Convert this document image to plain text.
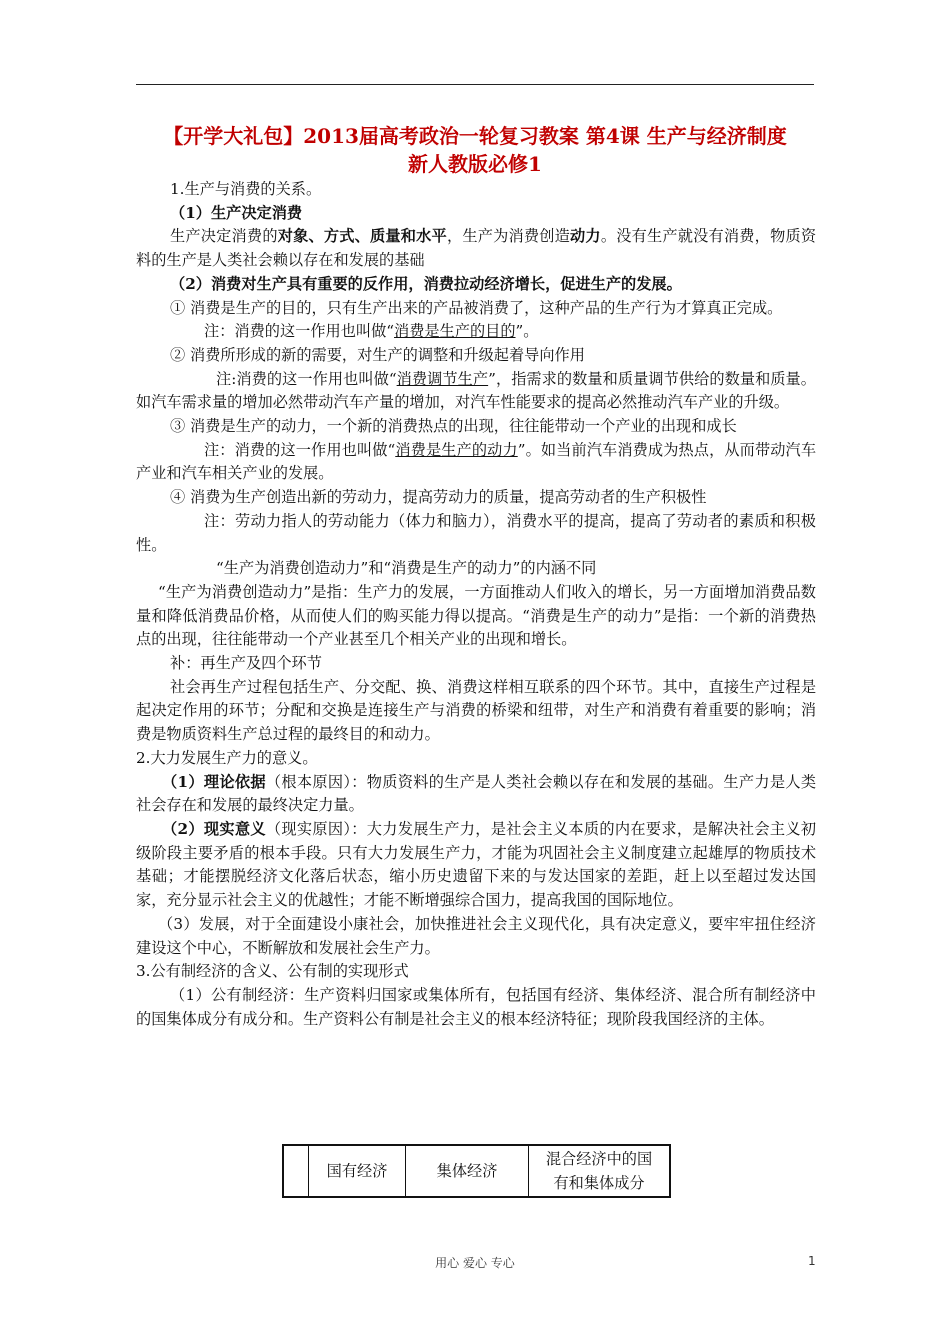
【开学大礼包】2013届高考政治一轮复习教案 第4课 生产与经济制度
新人教版必修1

1.生产与消费的关系。

（1）生产决定消费

生产决定消费的对象、方式、质量和水平，生产为消费创造动力。没有生产就没有消费，物质资料的生产是人类社会赖以存在和发展的基础

（2）消费对生产具有重要的反作用，消费拉动经济增长，促进生产的发展。

① 消费是生产的目的，只有生产出来的产品被消费了，这种产品的生产行为才算真正完成。

注：消费的这一作用也叫做“消费是生产的目的”。

② 消费所形成的新的需要，对生产的调整和升级起着导向作用

注:消费的这一作用也叫做“消费调节生产”，指需求的数量和质量调节供给的数量和质量。如汽车需求量的增加必然带动汽车产量的增加，对汽车性能要求的提高必然推动汽车产业的升级。

③ 消费是生产的动力，一个新的消费热点的出现，往往能带动一个产业的出现和成长

注：消费的这一作用也叫做“消费是生产的动力”。如当前汽车消费成为热点，从而带动汽车产业和汽车相关产业的发展。

④ 消费为生产创造出新的劳动力，提高劳动力的质量，提高劳动者的生产积极性

注：劳动力指人的劳动能力（体力和脑力），消费水平的提高，提高了劳动者的素质和积极性。

“生产为消费创造动力”和“消费是生产的动力”的内涵不同

“生产为消费创造动力”是指：生产力的发展，一方面推动人们收入的增长，另一方面增加消费品数量和降低消费品价格，从而使人们的购买能力得以提高。“消费是生产的动力”是指：一个新的消费热点的出现，往往能带动一个产业甚至几个相关产业的出现和增长。

补：再生产及四个环节

社会再生产过程包括生产、分交配、换、消费这样相互联系的四个环节。其中，直接生产过程是起决定作用的环节；分配和交换是连接生产与消费的桥梁和纽带，对生产和消费有着重要的影响；消费是物质资料生产总过程的最终目的和动力。

2.大力发展生产力的意义。

（1）理论依据（根本原因）：物质资料的生产是人类社会赖以存在和发展的基础。生产力是人类社会存在和发展的最终决定力量。

（2）现实意义（现实原因）：大力发展生产力，是社会主义本质的内在要求，是解决社会主义初级阶段主要矛盾的根本手段。只有大力发展生产力，才能为巩固社会主义制度建立起雄厚的物质技术基础；才能摆脱经济文化落后状态，缩小历史遗留下来的与发达国家的差距，赶上以至超过发达国家，充分显示社会主义的优越性；才能不断增强综合国力，提高我国的国际地位。

（3）发展，对于全面建设小康社会，加快推进社会主义现代化，具有决定意义，要牢牢扭住经济建设这个中心，不断解放和发展社会生产力。

3.公有制经济的含义、公有制的实现形式

（1）公有制经济：生产资料归国家或集体所有，包括国有经济、集体经济、混合所有制经济中的国集体成分有成分和。生产资料公有制是社会主义的根本经济特征；现阶段我国经济的主体。

	国有经济	集体经济	混合经济中的国
有和集体成分
用心 爱心 专心	1
